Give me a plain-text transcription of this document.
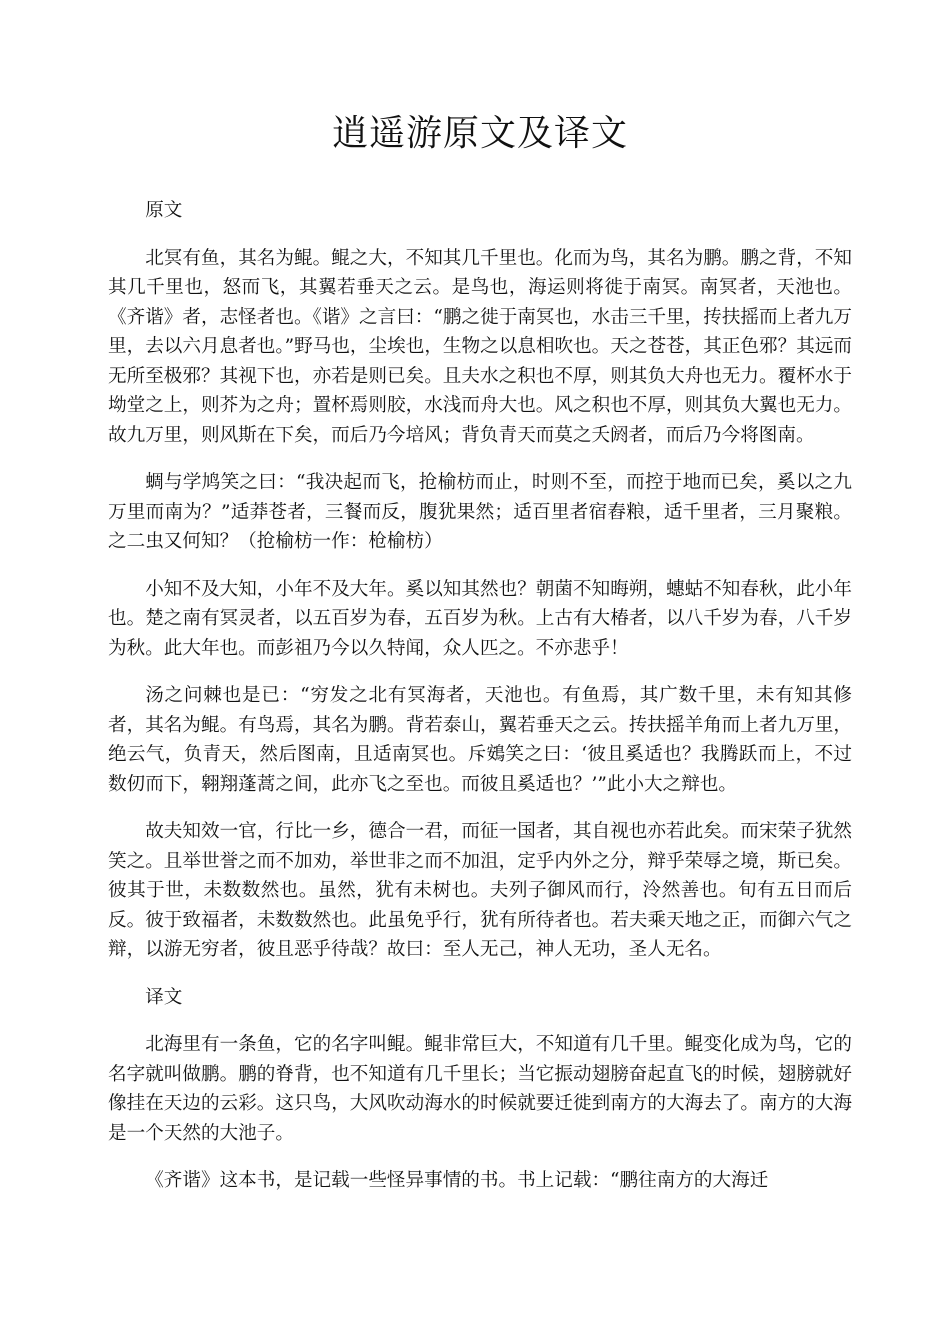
逍遥游原文及译文

原文

北冥有鱼，其名为鲲。鲲之大，不知其几千里也。化而为鸟，其名为鹏。鹏之背，不知其几千里也，怒而飞，其翼若垂天之云。是鸟也，海运则将徙于南冥。南冥者，天池也。《齐谐》者，志怪者也。《谐》之言曰：“鹏之徙于南冥也，水击三千里，抟扶摇而上者九万里，去以六月息者也。”野马也，尘埃也，生物之以息相吹也。天之苍苍，其正色邪？其远而无所至极邪？其视下也，亦若是则已矣。且夫水之积也不厚，则其负大舟也无力。覆杯水于坳堂之上，则芥为之舟；置杯焉则胶，水浅而舟大也。风之积也不厚，则其负大翼也无力。故九万里，则风斯在下矣，而后乃今培风；背负青天而莫之夭阏者，而后乃今将图南。

蜩与学鸠笑之曰：“我决起而飞，抢榆枋而止，时则不至，而控于地而已矣，奚以之九万里而南为？”适莽苍者，三餐而反，腹犹果然；适百里者宿舂粮，适千里者，三月聚粮。之二虫又何知？（抢榆枋一作：枪榆枋）

小知不及大知，小年不及大年。奚以知其然也？朝菌不知晦朔，蟪蛄不知春秋，此小年也。楚之南有冥灵者，以五百岁为春，五百岁为秋。上古有大椿者，以八千岁为春，八千岁为秋。此大年也。而彭祖乃今以久特闻，众人匹之。不亦悲乎！

汤之问棘也是已：“穷发之北有冥海者，天池也。有鱼焉，其广数千里，未有知其修者，其名为鲲。有鸟焉，其名为鹏。背若泰山，翼若垂天之云。抟扶摇羊角而上者九万里，绝云气，负青天，然后图南，且适南冥也。斥鴳笑之曰：‘彼且奚适也？我腾跃而上，不过数仞而下，翱翔蓬蒿之间，此亦飞之至也。而彼且奚适也？’”此小大之辩也。

故夫知效一官，行比一乡，德合一君，而征一国者，其自视也亦若此矣。而宋荣子犹然笑之。且举世誉之而不加劝，举世非之而不加沮，定乎内外之分，辩乎荣辱之境，斯已矣。彼其于世，未数数然也。虽然，犹有未树也。夫列子御风而行，泠然善也。旬有五日而后反。彼于致福者，未数数然也。此虽免乎行，犹有所待者也。若夫乘天地之正，而御六气之辩，以游无穷者，彼且恶乎待哉？故曰：至人无己，神人无功，圣人无名。

译文

北海里有一条鱼，它的名字叫鲲。鲲非常巨大，不知道有几千里。鲲变化成为鸟，它的名字就叫做鹏。鹏的脊背，也不知道有几千里长；当它振动翅膀奋起直飞的时候，翅膀就好像挂在天边的云彩。这只鸟，大风吹动海水的时候就要迁徙到南方的大海去了。南方的大海是一个天然的大池子。

《齐谐》这本书，是记载一些怪异事情的书。书上记载：“鹏往南方的大海迁
